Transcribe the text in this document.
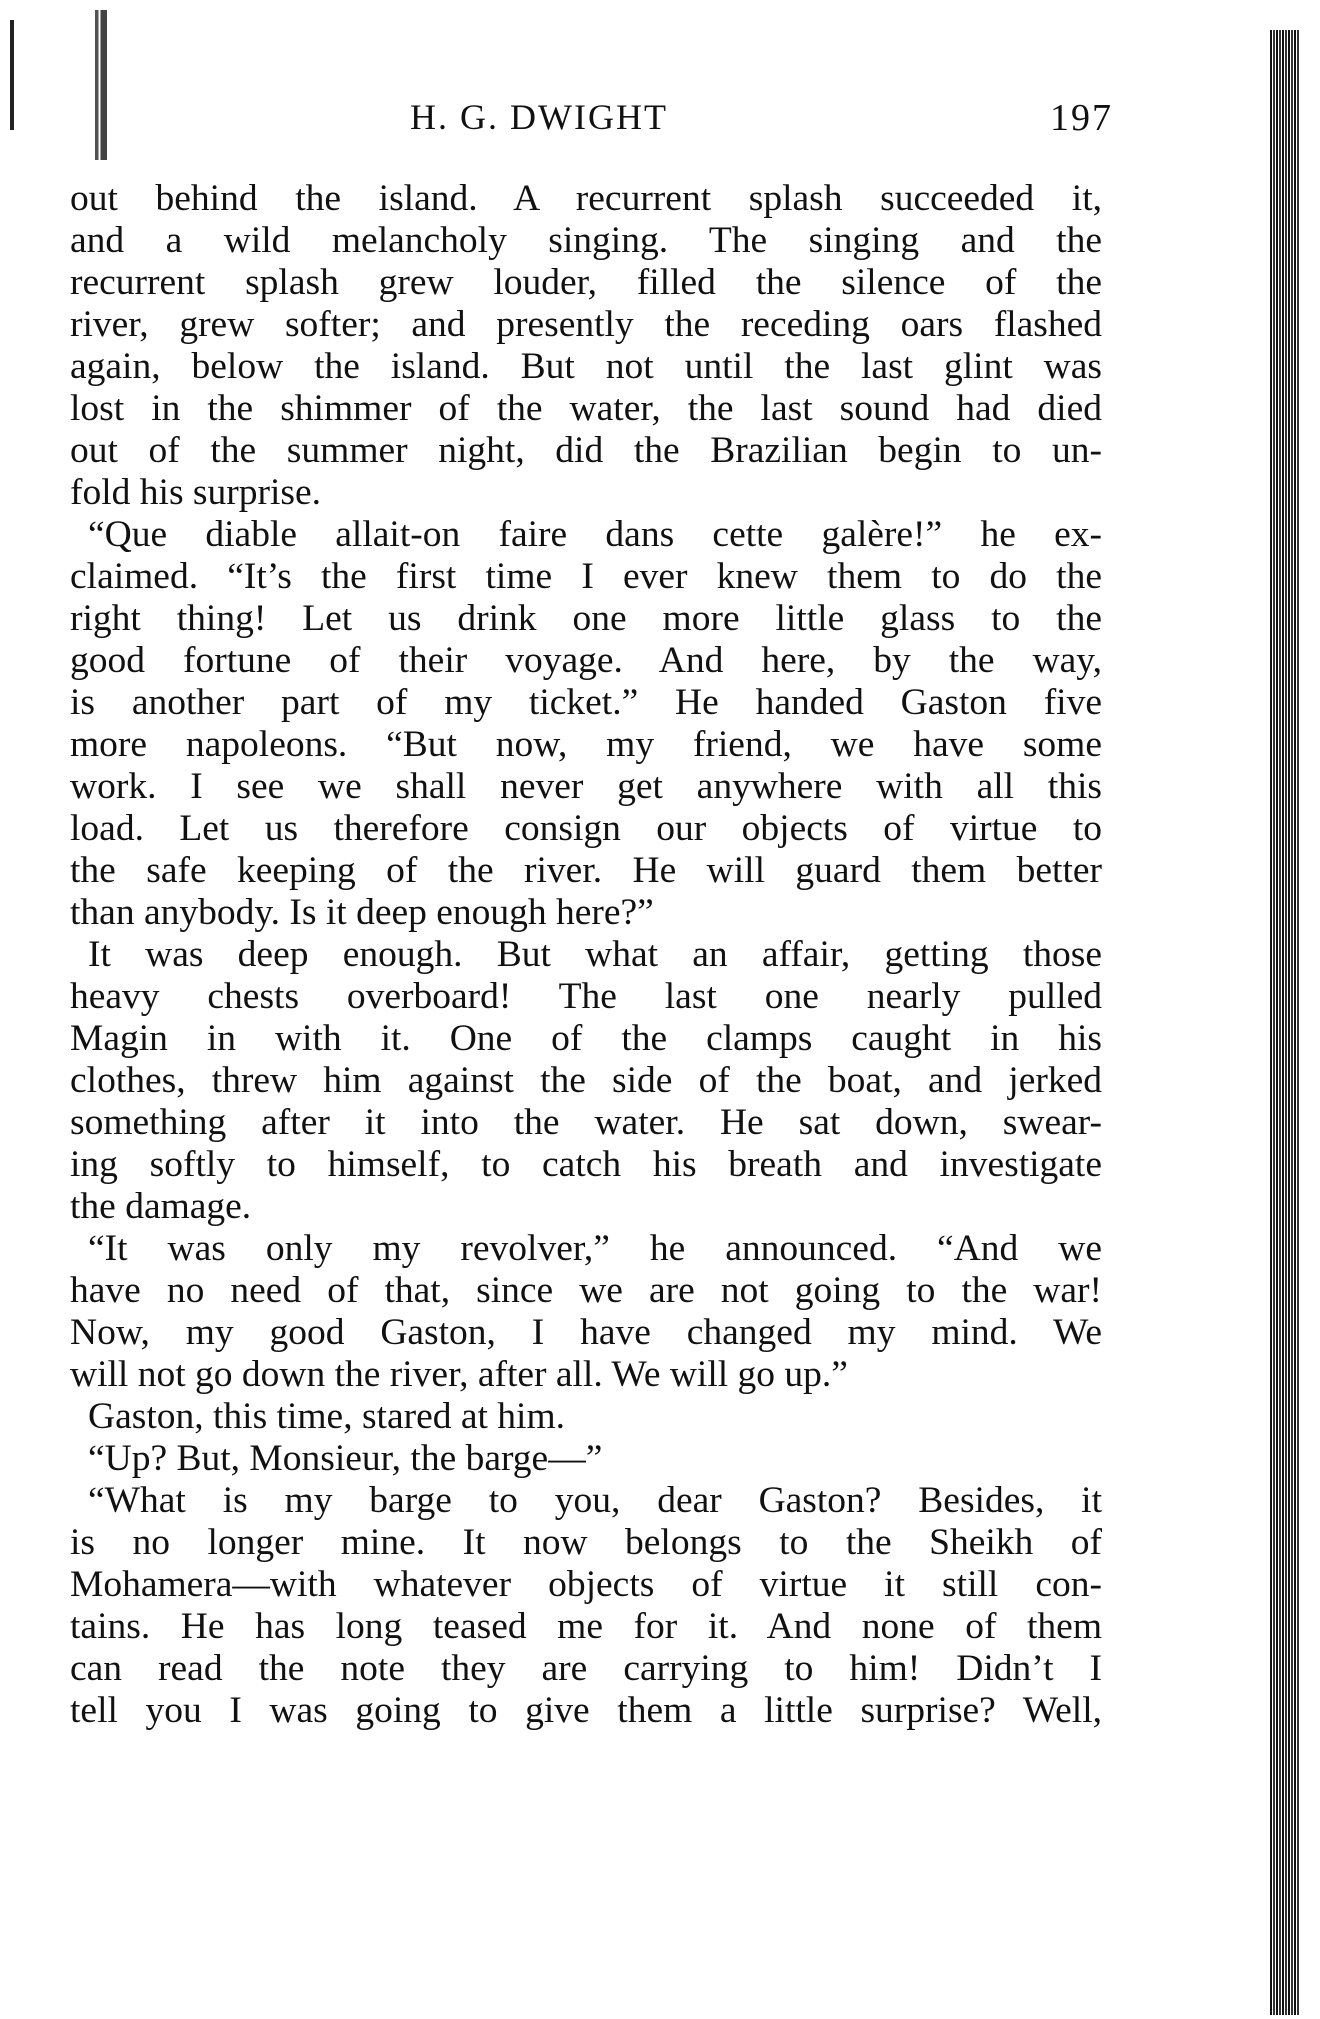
H. G. DWIGHT	197
out behind the island. A recurrent splash succeeded it,
and a wild melancholy singing. The singing and the
recurrent splash grew louder, filled the silence of the
river, grew softer; and presently the receding oars flashed
again, below the island. But not until the last glint was
lost in the shimmer of the water, the last sound had died
out of the summer night, did the Brazilian begin to un-
fold his surprise.
“Que diable allait-on faire dans cette galère!” he ex-
claimed. “It’s the first time I ever knew them to do the
right thing! Let us drink one more little glass to the
good fortune of their voyage. And here, by the way,
is another part of my ticket.” He handed Gaston five
more napoleons. “But now, my friend, we have some
work. I see we shall never get anywhere with all this
load. Let us therefore consign our objects of virtue to
the safe keeping of the river. He will guard them better
than anybody. Is it deep enough here?”
It was deep enough. But what an affair, getting those
heavy chests overboard! The last one nearly pulled
Magin in with it. One of the clamps caught in his
clothes, threw him against the side of the boat, and jerked
something after it into the water. He sat down, swear-
ing softly to himself, to catch his breath and investigate
the damage.
“It was only my revolver,” he announced. “And we
have no need of that, since we are not going to the war!
Now, my good Gaston, I have changed my mind. We
will not go down the river, after all. We will go up.”
Gaston, this time, stared at him.
“Up? But, Monsieur, the barge—”
“What is my barge to you, dear Gaston? Besides, it
is no longer mine. It now belongs to the Sheikh of
Mohamera—with whatever objects of virtue it still con-
tains. He has long teased me for it. And none of them
can read the note they are carrying to him! Didn’t I
tell you I was going to give them a little surprise? Well,
